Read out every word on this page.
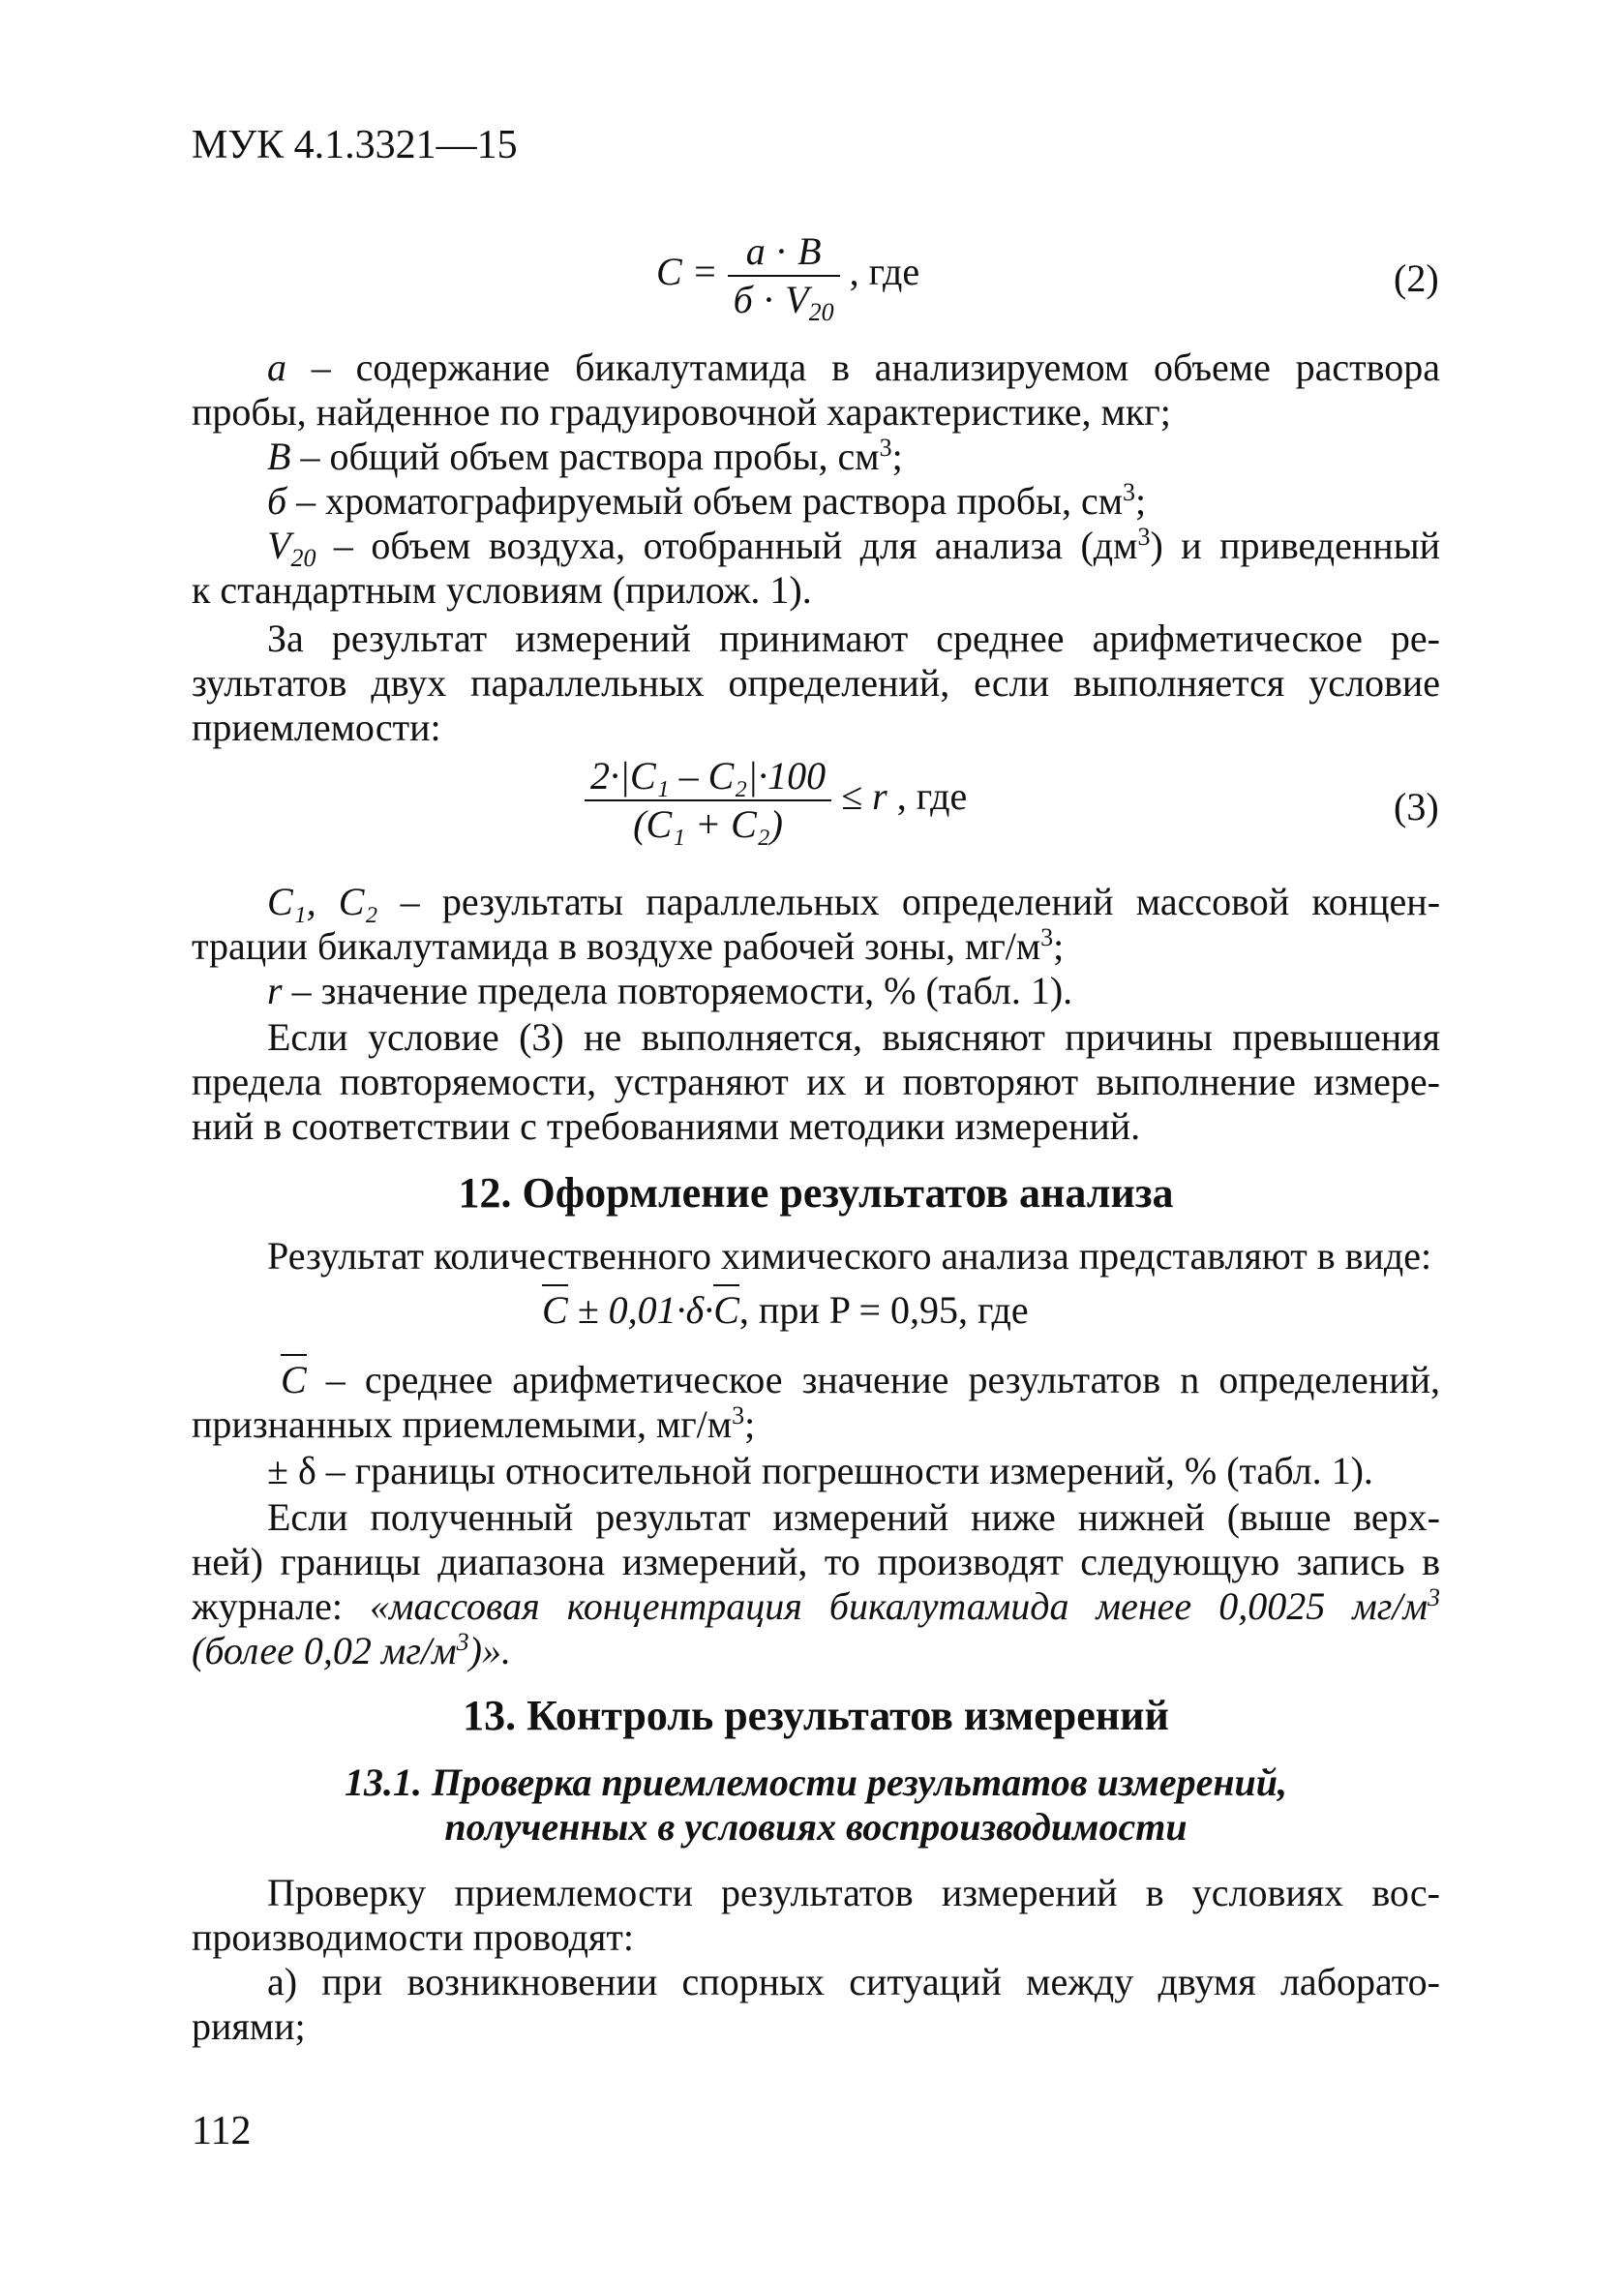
МУК 4.1.3321—15
$C = \frac{a \cdot B}{б \cdot V_{20}}$ , где	(2)
а – содержание бикалутамида в анализируемом объеме раствора
пробы, найденное по градуировочной характеристике, мкг;
В – общий объем раствора пробы, $см^3$;
б – хроматографируемый объем раствора пробы, $см^3$;
$V_{20}$ – объем воздуха, отобранный для анализа $(дм^3)$ и приведенный
к стандартным условиям (прилож. 1).
За результат измерений принимают среднее арифметическое ре-
зультатов двух параллельных определений, если выполняется условие
приемлемости:
$\frac{\text{2·|C₁ – C₂|·100}}{\text{(C₁ + C₂)}} \le r$ , где	(3)
C₁, C₂ – результаты параллельных определений массовой концен-
трации бикалутамида в воздухе рабочей зоны, $мг/м^3$;
r – значение предела повторяемости, % (табл. 1).
Если условие (3) не выполняется, выясняют причины превышения
предела повторяемости, устраняют их и повторяют выполнение измере-
ний в соответствии с требованиями методики измерений.
12. Оформление результатов анализа
Результат количественного химического анализа представляют в виде:
C ± 0,01·δ·C, при P = 0,95, где
C – среднее арифметическое значение результатов n определений,
признанных приемлемыми, $мг/м^3$;
± δ – границы относительной погрешности измерений, % (табл. 1).
Если полученный результат измерений ниже нижней (выше верх-
ней) границы диапазона измерений, то производят следующую запись в
журнале: «массовая концентрация бикалутамида менее 0,0025 $мг/м^3$
(более 0,02 $мг/м^3$)».
13. Контроль результатов измерений
13.1. Проверка приемлемости результатов измерений,
полученных в условиях воспроизводимости
Проверку приемлемости результатов измерений в условиях вос-
производимости проводят:
а) при возникновении спорных ситуаций между двумя лаборато-
риями;
112
